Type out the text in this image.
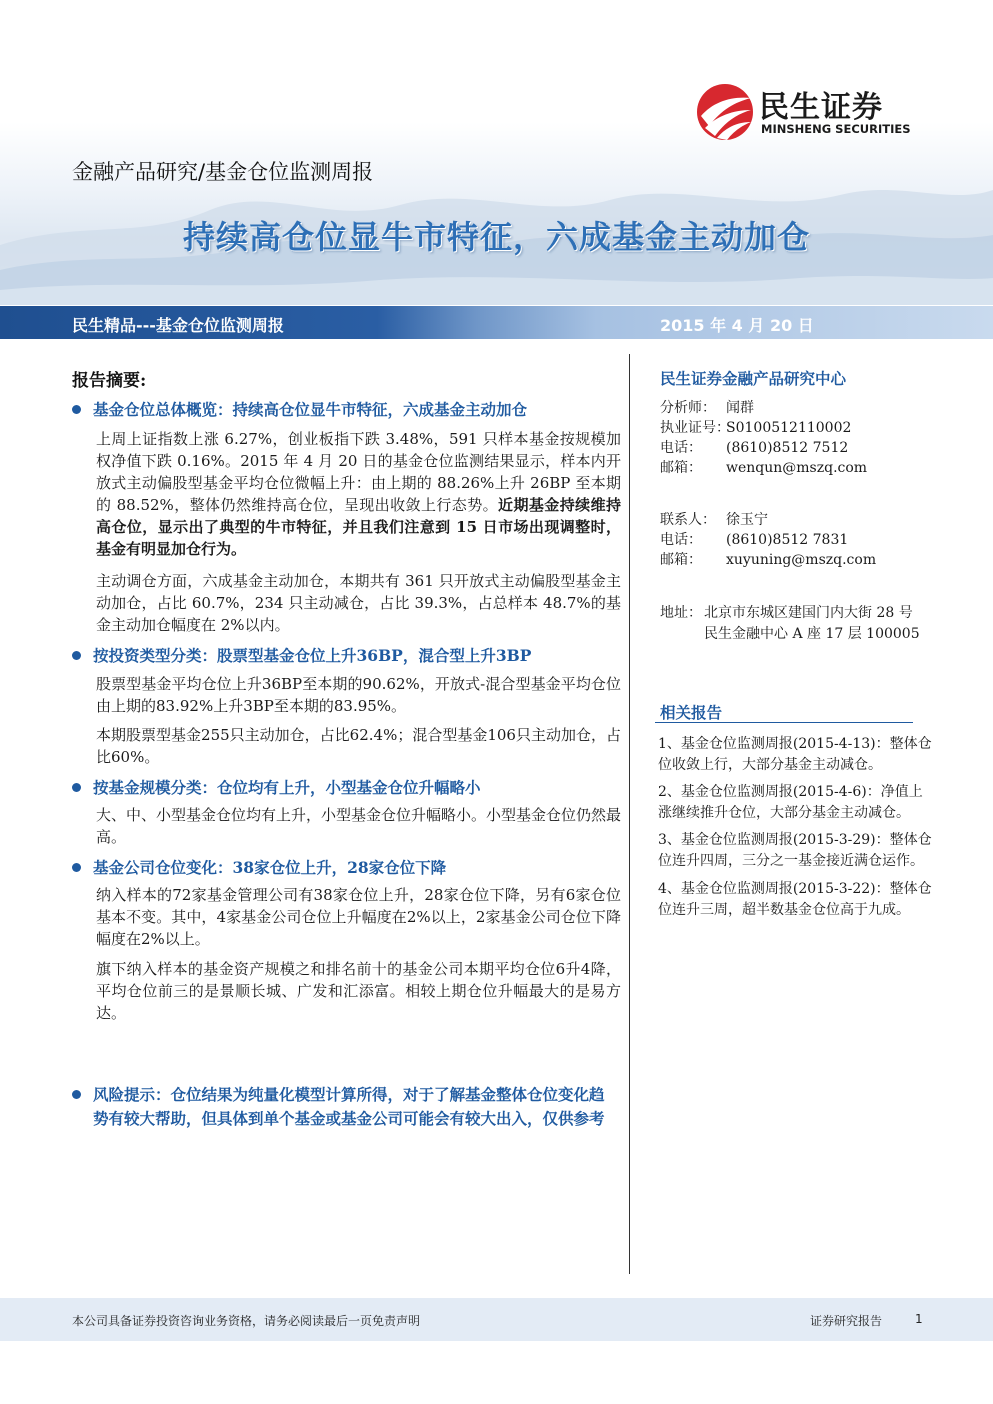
民生证券
MINSHENG SECURITIES
金融产品研究/基金仓位监测周报
持续高仓位显牛市特征，六成基金主动加仓
民生精品---基金仓位监测周报	2015 年 4 月 20 日
报告摘要:
基金仓位总体概览：持续高仓位显牛市特征，六成基金主动加仓
上周上证指数上涨 6.27%，创业板指下跌 3.48%，591 只样本基金按规模加权净值下跌 0.16%。2015 年 4 月 20 日的基金仓位监测结果显示，样本内开放式主动偏股型基金平均仓位微幅上升：由上期的 88.26%上升 26BP 至本期的 88.52%，整体仍然维持高仓位，呈现出收敛上行态势。近期基金持续维持高仓位，显示出了典型的牛市特征，并且我们注意到 15 日市场出现调整时，基金有明显加仓行为。
主动调仓方面，六成基金主动加仓，本期共有 361 只开放式主动偏股型基金主动加仓，占比 60.7%，234 只主动减仓，占比 39.3%，占总样本 48.7%的基金主动加仓幅度在 2%以内。
按投资类型分类：股票型基金仓位上升36BP，混合型上升3BP
股票型基金平均仓位上升36BP至本期的90.62%，开放式-混合型基金平均仓位由上期的83.92%上升3BP至本期的83.95%。
本期股票型基金255只主动加仓，占比62.4%；混合型基金106只主动加仓，占比60%。
按基金规模分类：仓位均有上升，小型基金仓位升幅略小
大、中、小型基金仓位均有上升，小型基金仓位升幅略小。小型基金仓位仍然最高。
基金公司仓位变化：38家仓位上升，28家仓位下降
纳入样本的72家基金管理公司有38家仓位上升，28家仓位下降，另有6家仓位基本不变。其中，4家基金公司仓位上升幅度在2%以上，2家基金公司仓位下降幅度在2%以上。
旗下纳入样本的基金资产规模之和排名前十的基金公司本期平均仓位6升4降，平均仓位前三的是景顺长城、广发和汇添富。相较上期仓位升幅最大的是易方达。
风险提示：仓位结果为纯量化模型计算所得，对于了解基金整体仓位变化趋势有较大帮助，但具体到单个基金或基金公司可能会有较大出入，仅供参考
民生证券金融产品研究中心
分析师： 闻群
执业证号：S0100512110002
电话： (8610)8512 7512
邮箱： wenqun@mszq.com
联系人： 徐玉宁
电话： (8610)8512 7831
邮箱： xuyuning@mszq.com
地址： 北京市东城区建国门内大街 28 号
民生金融中心 A 座 17 层 100005
相关报告
1、基金仓位监测周报(2015-4-13)：整体仓位收敛上行，大部分基金主动减仓。
2、基金仓位监测周报(2015-4-6)：净值上涨继续推升仓位，大部分基金主动减仓。
3、基金仓位监测周报(2015-3-29)：整体仓位连升四周，三分之一基金接近满仓运作。
4、基金仓位监测周报(2015-3-22)：整体仓位连升三周，超半数基金仓位高于九成。
本公司具备证券投资咨询业务资格，请务必阅读最后一页免责声明	证券研究报告	1
